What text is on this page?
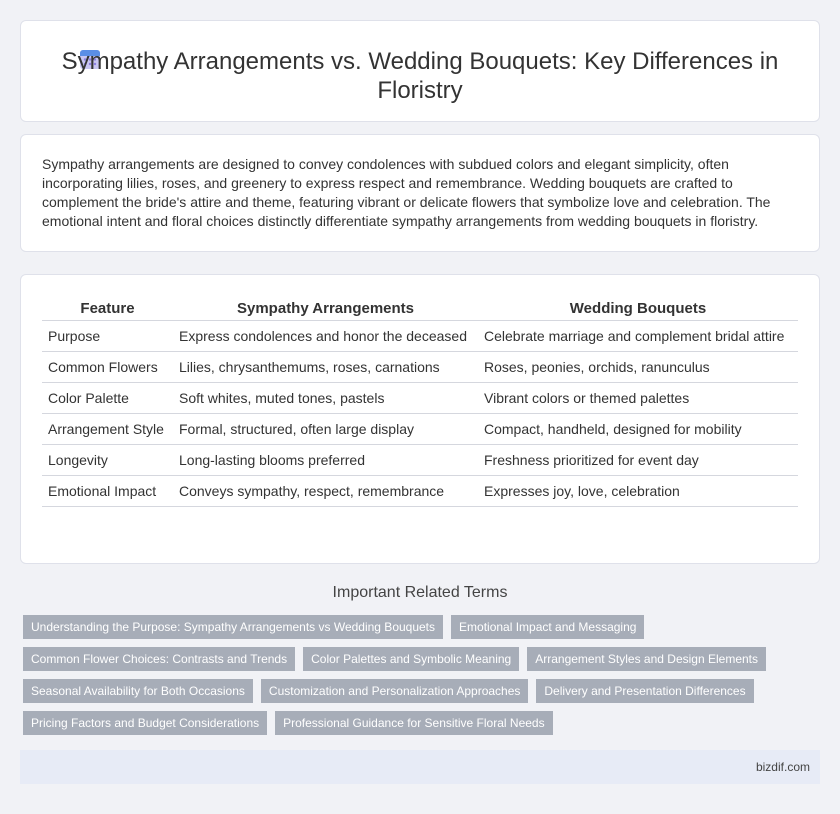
Sympathy Arrangements vs. Wedding Bouquets: Key Differences in Floristry

Sympathy arrangements are designed to convey condolences with subdued colors and elegant simplicity, often incorporating lilies, roses, and greenery to express respect and remembrance. Wedding bouquets are crafted to complement the bride's attire and theme, featuring vibrant or delicate flowers that symbolize love and celebration. The emotional intent and floral choices distinctly differentiate sympathy arrangements from wedding bouquets in floristry.

Feature	Sympathy Arrangements	Wedding Bouquets
Purpose	Express condolences and honor the deceased	Celebrate marriage and complement bridal attire
Common Flowers	Lilies, chrysanthemums, roses, carnations	Roses, peonies, orchids, ranunculus
Color Palette	Soft whites, muted tones, pastels	Vibrant colors or themed palettes
Arrangement Style	Formal, structured, often large display	Compact, handheld, designed for mobility
Longevity	Long-lasting blooms preferred	Freshness prioritized for event day
Emotional Impact	Conveys sympathy, respect, remembrance	Expresses joy, love, celebration
Important Related Terms
Understanding the Purpose: Sympathy Arrangements vs Wedding Bouquets	Emotional Impact and Messaging
Common Flower Choices: Contrasts and Trends	Color Palettes and Symbolic Meaning	Arrangement Styles and Design Elements
Seasonal Availability for Both Occasions	Customization and Personalization Approaches	Delivery and Presentation Differences
Pricing Factors and Budget Considerations	Professional Guidance for Sensitive Floral Needs
bizdif.com
